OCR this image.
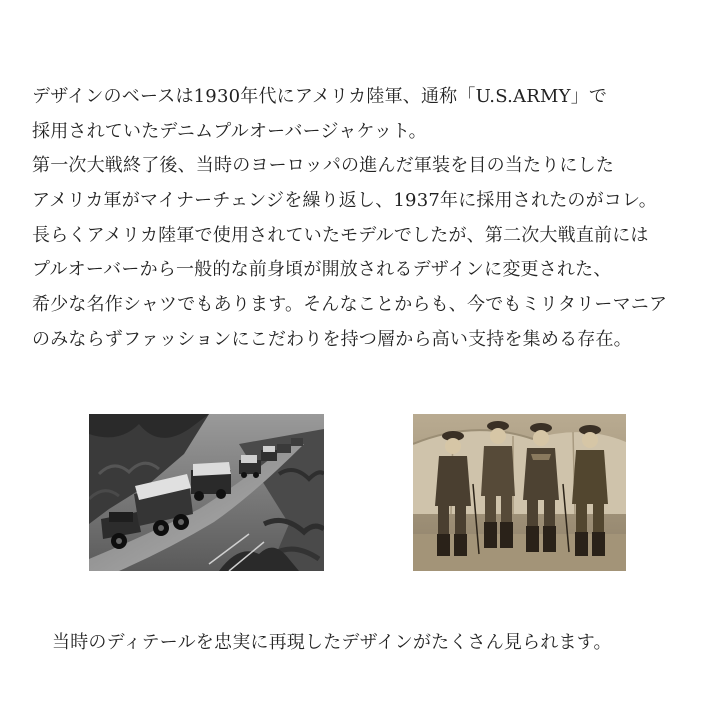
デザインのベースは1930年代にアメリカ陸軍、通称「U.S.ARMY」で
採用されていたデニムプルオーバージャケット。
第一次大戦終了後、当時のヨーロッパの進んだ軍装を目の当たりにした
アメリカ軍がマイナーチェンジを繰り返し、1937年に採用されたのがコレ。
長らくアメリカ陸軍で使用されていたモデルでしたが、第二次大戦直前には
プルオーバーから一般的な前身頃が開放されるデザインに変更された、
希少な名作シャツでもあります。そんなことからも、今でもミリタリーマニア
のみならずファッションにこだわりを持つ層から高い支持を集める存在。
当時のディテールを忠実に再現したデザインがたくさん見られます。
